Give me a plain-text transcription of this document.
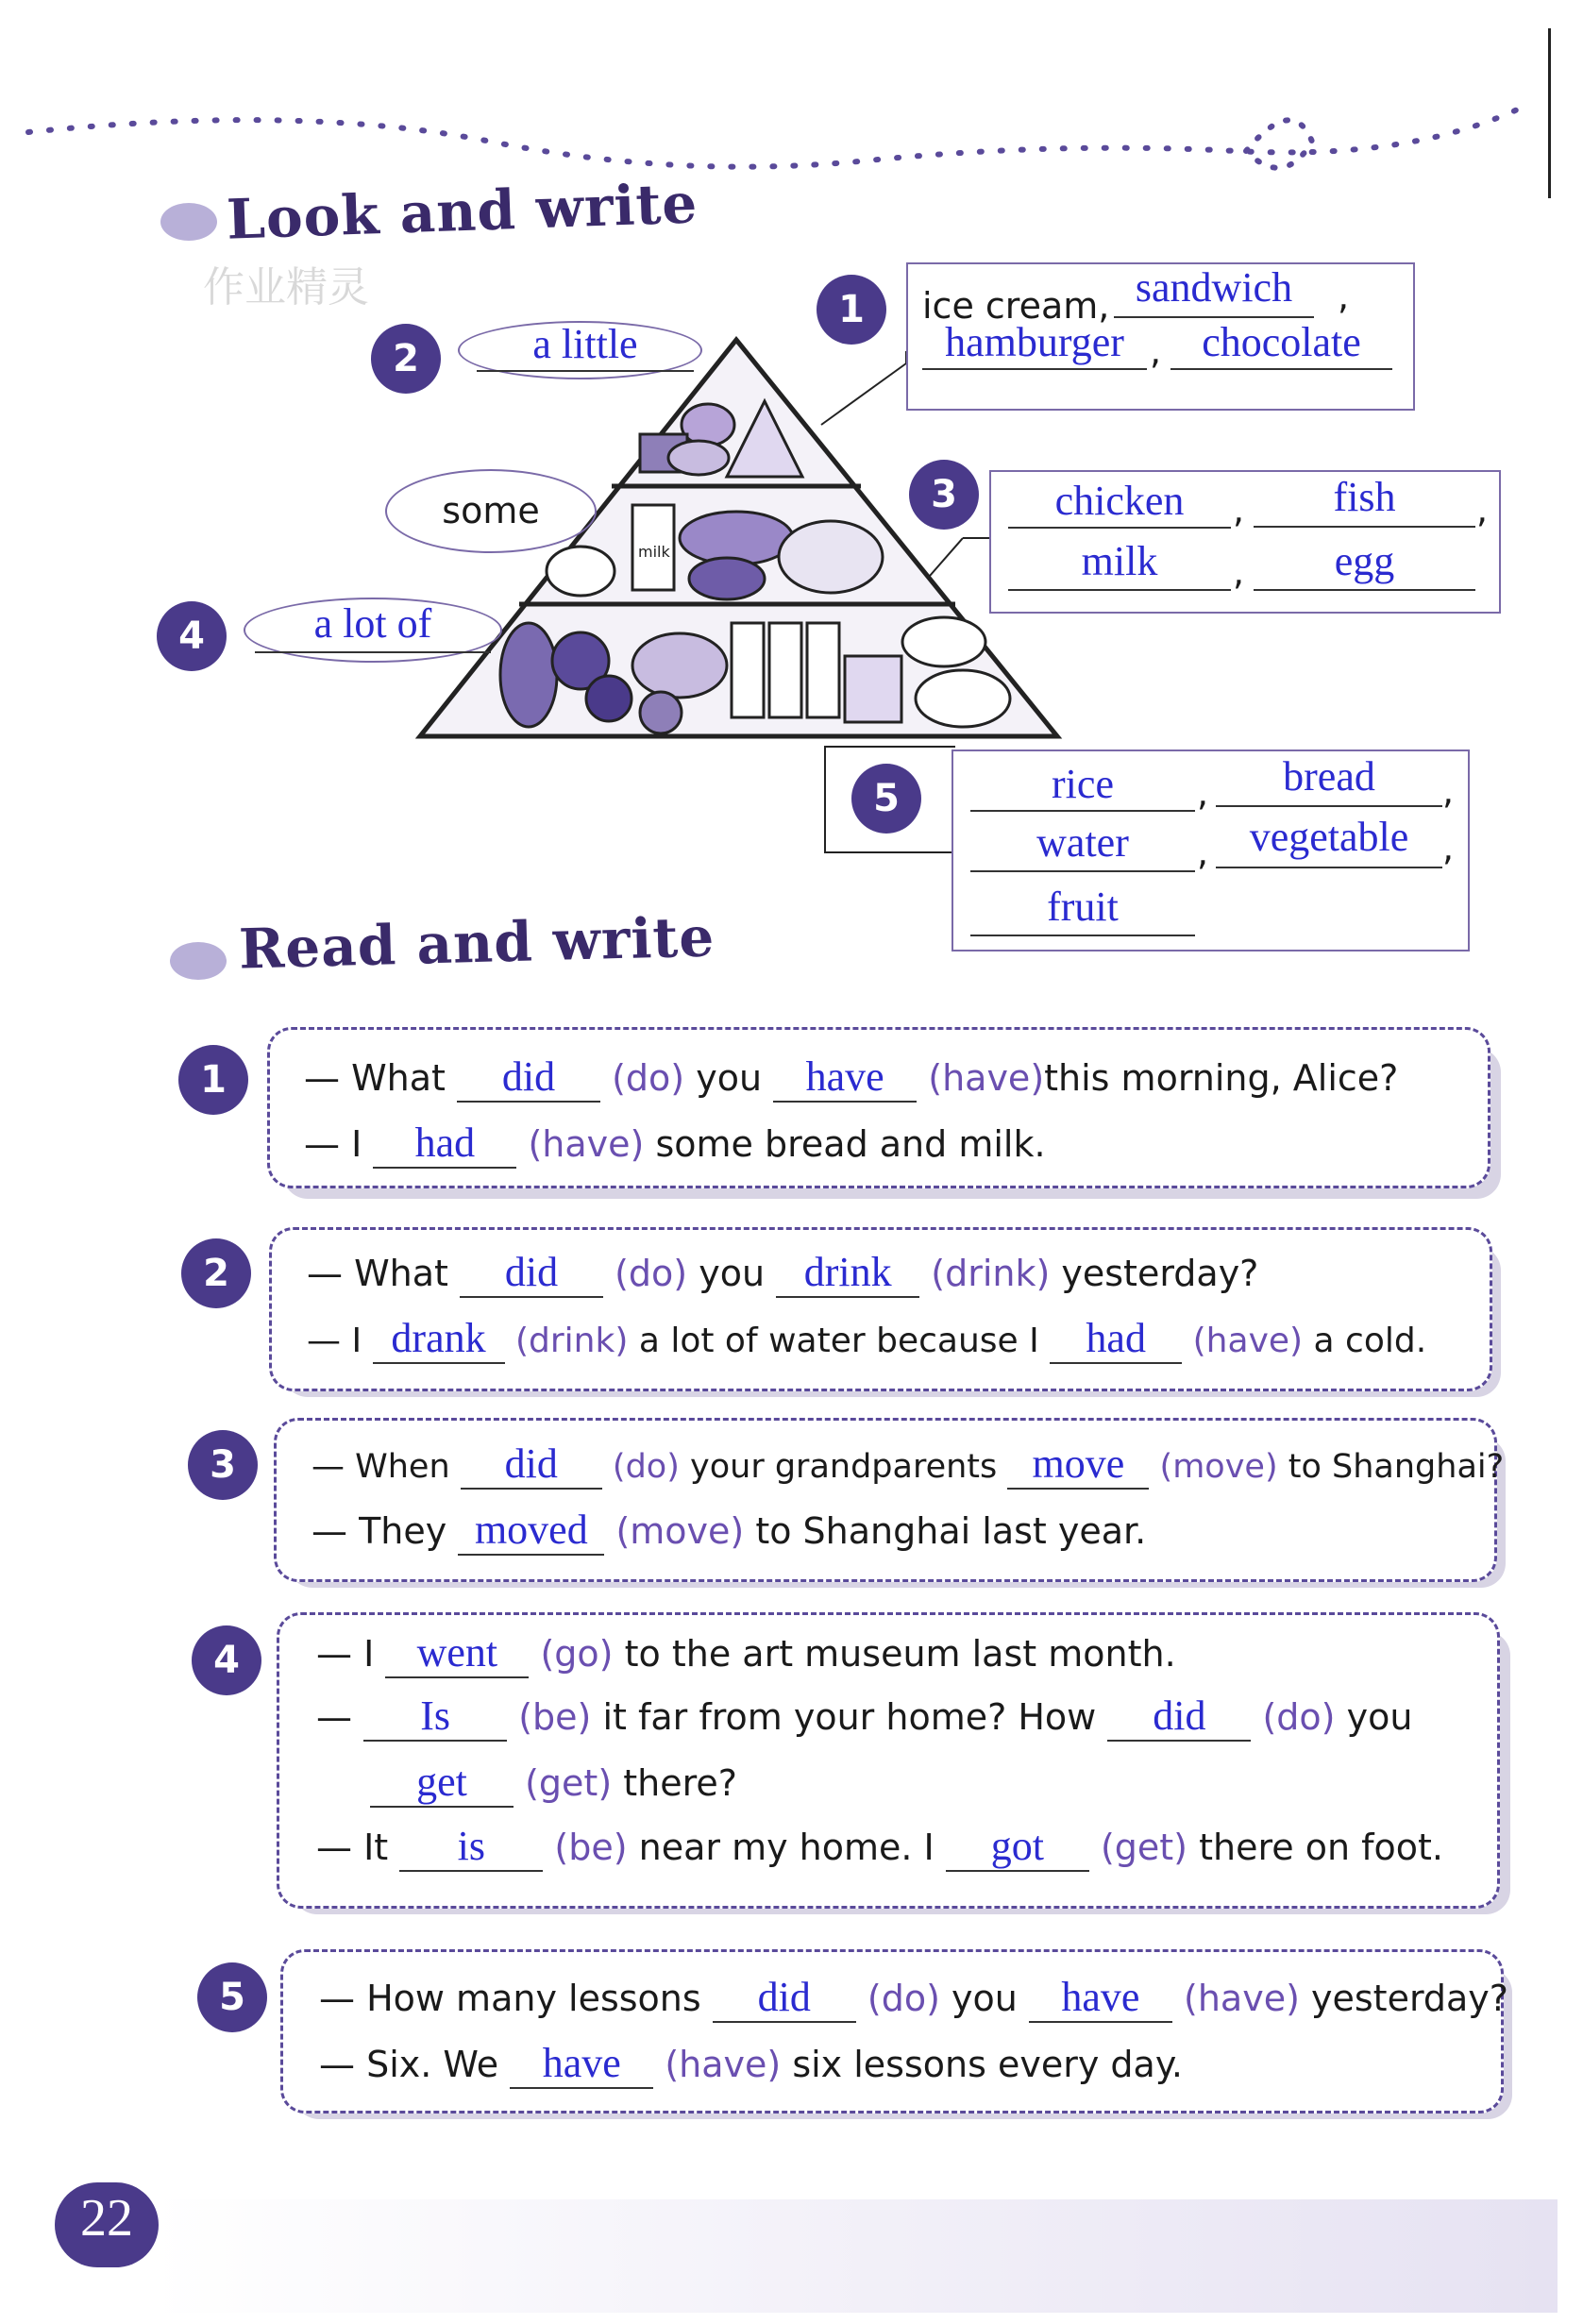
Look and write
作业精灵
milk
1	ice cream, sandwich	,
hamburger , chocolate
2	a little
some	3	chicken	,	fish	,
milk	,	egg
4	a lot of
5	rice	,	bread	,
water	, vegetable ,
fruit
Read and write
1	— What did (do) you have (have)this morning, Alice?
— I had (have) some bread and milk.
2	— What did (do) you drink (drink) yesterday?
— I drank (drink) a lot of water because I had (have) a cold.
3	— When did (do) your grandparents move (move) to Shanghai?
— They moved (move) to Shanghai last year.
4	— I went (go) to the art museum last month.
— Is (be) it far from your home? How did (do) you
get (get) there?
— It is (be) near my home. I got (get) there on foot.
5	— How many lessons did (do) you have (have) yesterday?
— Six. We have (have) six lessons every day.
22
